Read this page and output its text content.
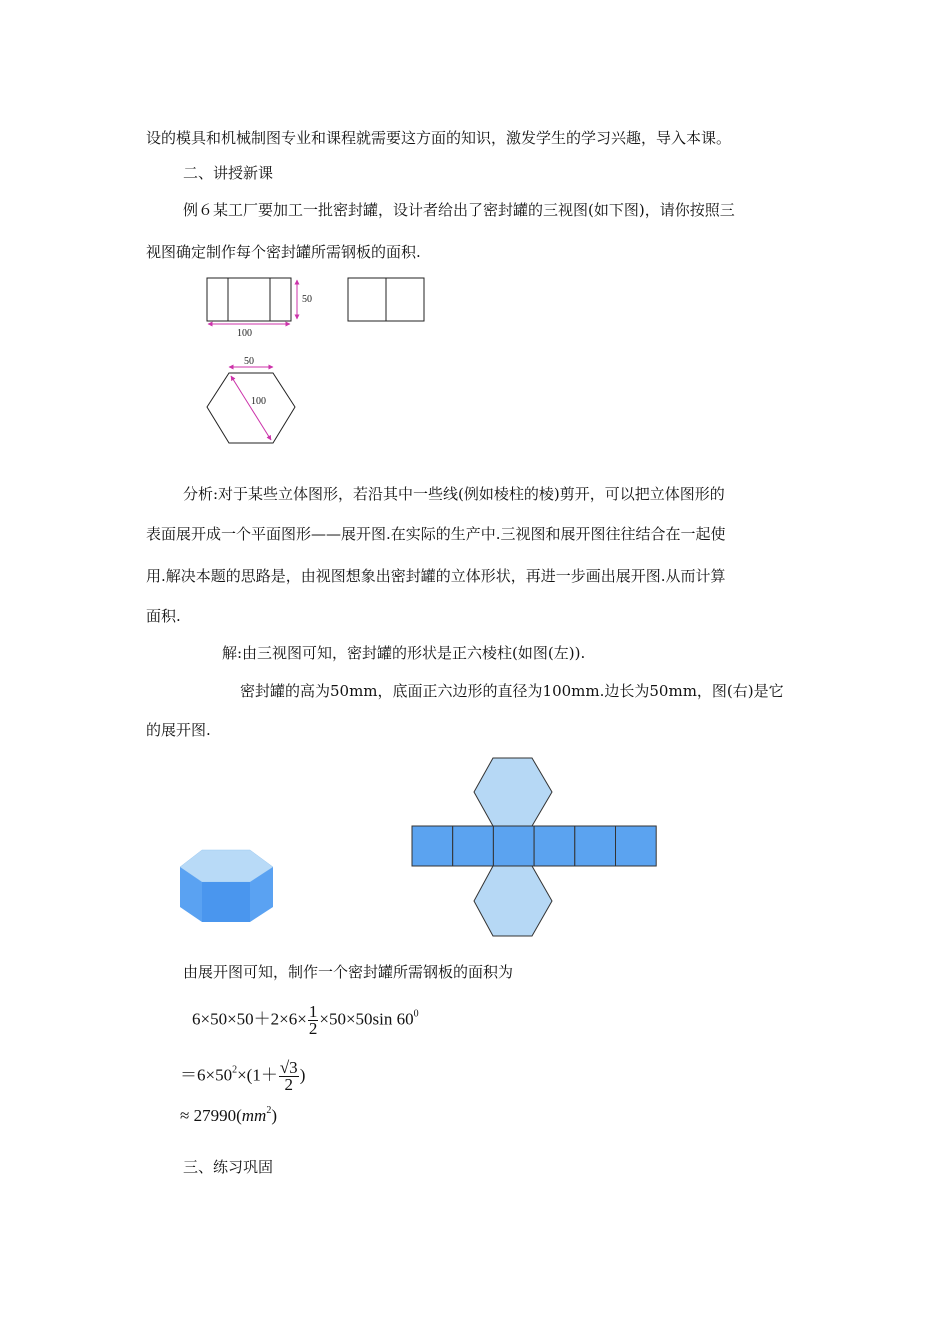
设的模具和机械制图专业和课程就需要这方面的知识，激发学生的学习兴趣，导入本课。
二、讲授新课
例６某工厂要加工一批密封罐，设计者给出了密封罐的三视图(如下图)，请你按照三
视图确定制作每个密封罐所需钢板的面积.
50
100
50
100
分析:对于某些立体图形，若沿其中一些线(例如棱柱的棱)剪开，可以把立体图形的
表面展开成一个平面图形——展开图.在实际的生产中.三视图和展开图往往结合在一起使
用.解决本题的思路是，由视图想象出密封罐的立体形状，再进一步画出展开图.从而计算
面积.
解:由三视图可知，密封罐的形状是正六棱柱(如图(左)).
密封罐的高为50mm，底面正六边形的直径为100mm.边长为50mm，图(右)是它
的展开图.
由展开图可知，制作一个密封罐所需钢板的面积为
$6\times 50\times 50+2\times 6\times \frac{1}{2} \times 50\times 50\sin$ $60^0$
$=6\times 50^2\times(1+ \frac{√3}{2}$ )
≈ $27990(mm^2)$
三、练习巩固
